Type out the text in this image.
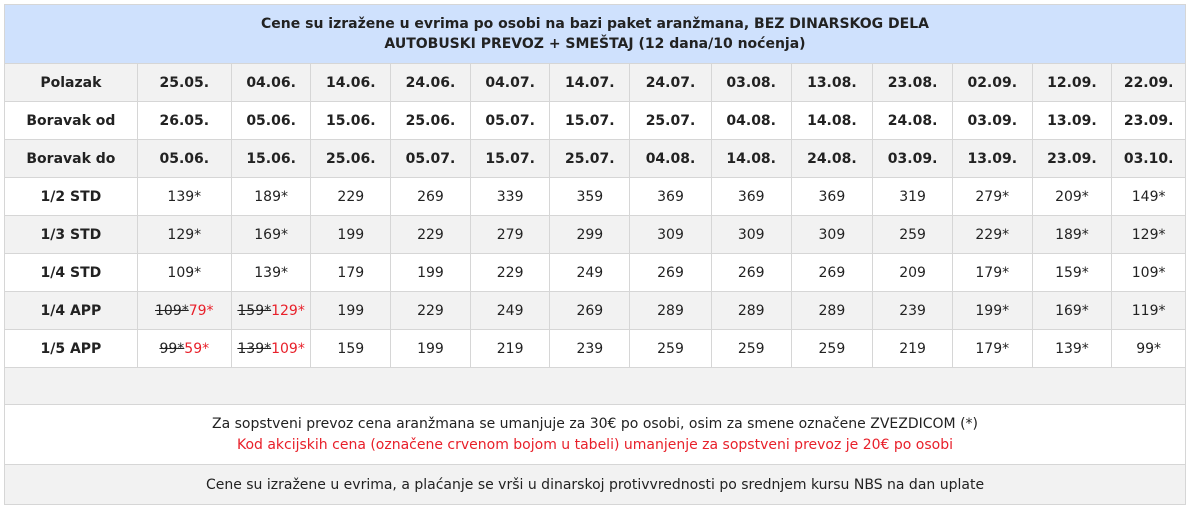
Cene su izražene u evrima po osobi na bazi paket aranžmana, BEZ DINARSKOG DELA
AUTOBUSKI PREVOZ + SMEŠTAJ (12 dana/10 noćenja)													

Polazak	25.05.	04.06.	14.06.	24.06.	04.07.	14.07.	24.07.	03.08.	13.08.	23.08.	02.09.	12.09.	22.09.
Boravak od	26.05.	05.06.	15.06.	25.06.	05.07.	15.07.	25.07.	04.08.	14.08.	24.08.	03.09.	13.09.	23.09.
Boravak do	05.06.	15.06.	25.06.	05.07.	15.07.	25.07.	04.08.	14.08.	24.08.	03.09.	13.09.	23.09.	03.10.
1/2 STD	139*	189*	229	269	339	359	369	369	369	319	279*	209*	149*
1/3 STD	129*	169*	199	229	279	299	309	309	309	259	229*	189*	129*
1/4 STD	109*	139*	179	199	229	249	269	269	269	209	179*	159*	109*
1/4 APP	109*79*	159*129*	199	229	249	269	289	289	289	239	199*	169*	119*
1/5 APP	99*59*	139*109*	159	199	219	239	259	259	259	219	179*	139*	99*

Za sopstveni prevoz cena aranžmana se umanjuje za 30€ po osobi, osim za smene označene ZVEZDICOM (*)
Kod akcijskih cena (označene crvenom bojom u tabeli) umanjenje za sopstveni prevoz je 20€ po osobi													

Cene su izražene u evrima, a plaćanje se vrši u dinarskoj protivvrednosti po srednjem kursu NBS na dan uplate													
